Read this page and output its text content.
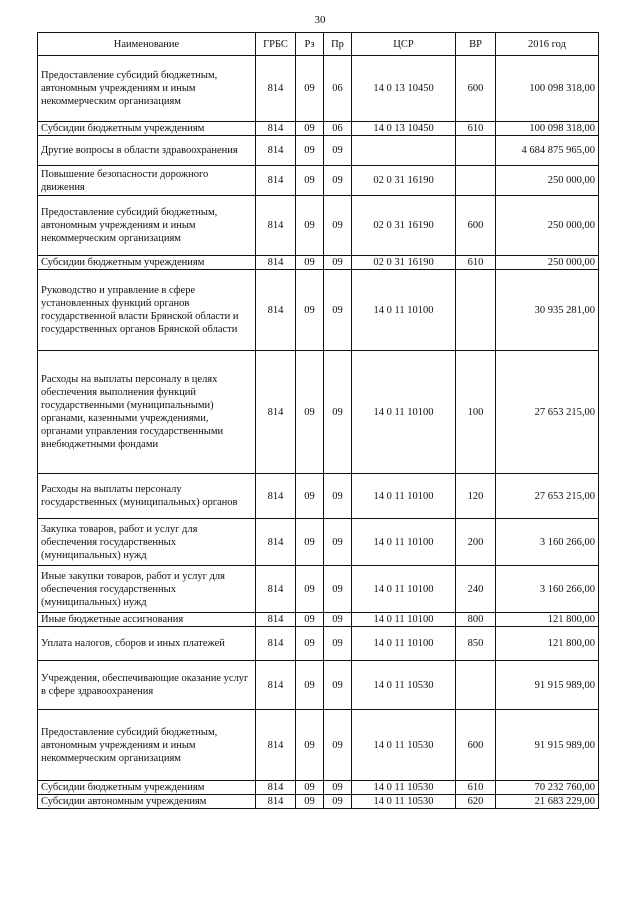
30
Наименование	ГРБС	Рз	Пр	ЦСР	ВР	2016 год
Предоставление субсидий бюджетным, автономным учреждениям и иным некоммерческим организациям	814	09	06	14 0 13 10450	600	100 098 318,00
Субсидии бюджетным учреждениям	814	09	06	14 0 13 10450	610	100 098 318,00
Другие вопросы в области здравоохранения	814	09	09			4 684 875 965,00
Повышение безопасности дорожного движения	814	09	09	02 0 31 16190		250 000,00
Предоставление субсидий бюджетным, автономным учреждениям и иным некоммерческим организациям	814	09	09	02 0 31 16190	600	250 000,00
Субсидии бюджетным учреждениям	814	09	09	02 0 31 16190	610	250 000,00
Руководство и управление в сфере установленных функций органов государственной власти Брянской области и государственных органов Брянской области	814	09	09	14 0 11 10100		30 935 281,00
Расходы на выплаты персоналу в целях обеспечения выполнения функций государственными (муниципальными) органами, казенными учреждениями, органами управления государственными внебюджетными фондами	814	09	09	14 0 11 10100	100	27 653 215,00
Расходы на выплаты персоналу государственных (муниципальных) органов	814	09	09	14 0 11 10100	120	27 653 215,00
Закупка товаров, работ и услуг для обеспечения государственных (муниципальных) нужд	814	09	09	14 0 11 10100	200	3 160 266,00
Иные закупки товаров, работ и услуг для обеспечения государственных (муниципальных) нужд	814	09	09	14 0 11 10100	240	3 160 266,00
Иные бюджетные ассигнования	814	09	09	14 0 11 10100	800	121 800,00
Уплата налогов, сборов и иных платежей	814	09	09	14 0 11 10100	850	121 800,00
Учреждения, обеспечивающие оказание услуг в сфере здравоохранения	814	09	09	14 0 11 10530		91 915 989,00
Предоставление субсидий бюджетным, автономным учреждениям и иным некоммерческим организациям	814	09	09	14 0 11 10530	600	91 915 989,00
Субсидии бюджетным учреждениям	814	09	09	14 0 11 10530	610	70 232 760,00
Субсидии автономным учреждениям	814	09	09	14 0 11 10530	620	21 683 229,00
